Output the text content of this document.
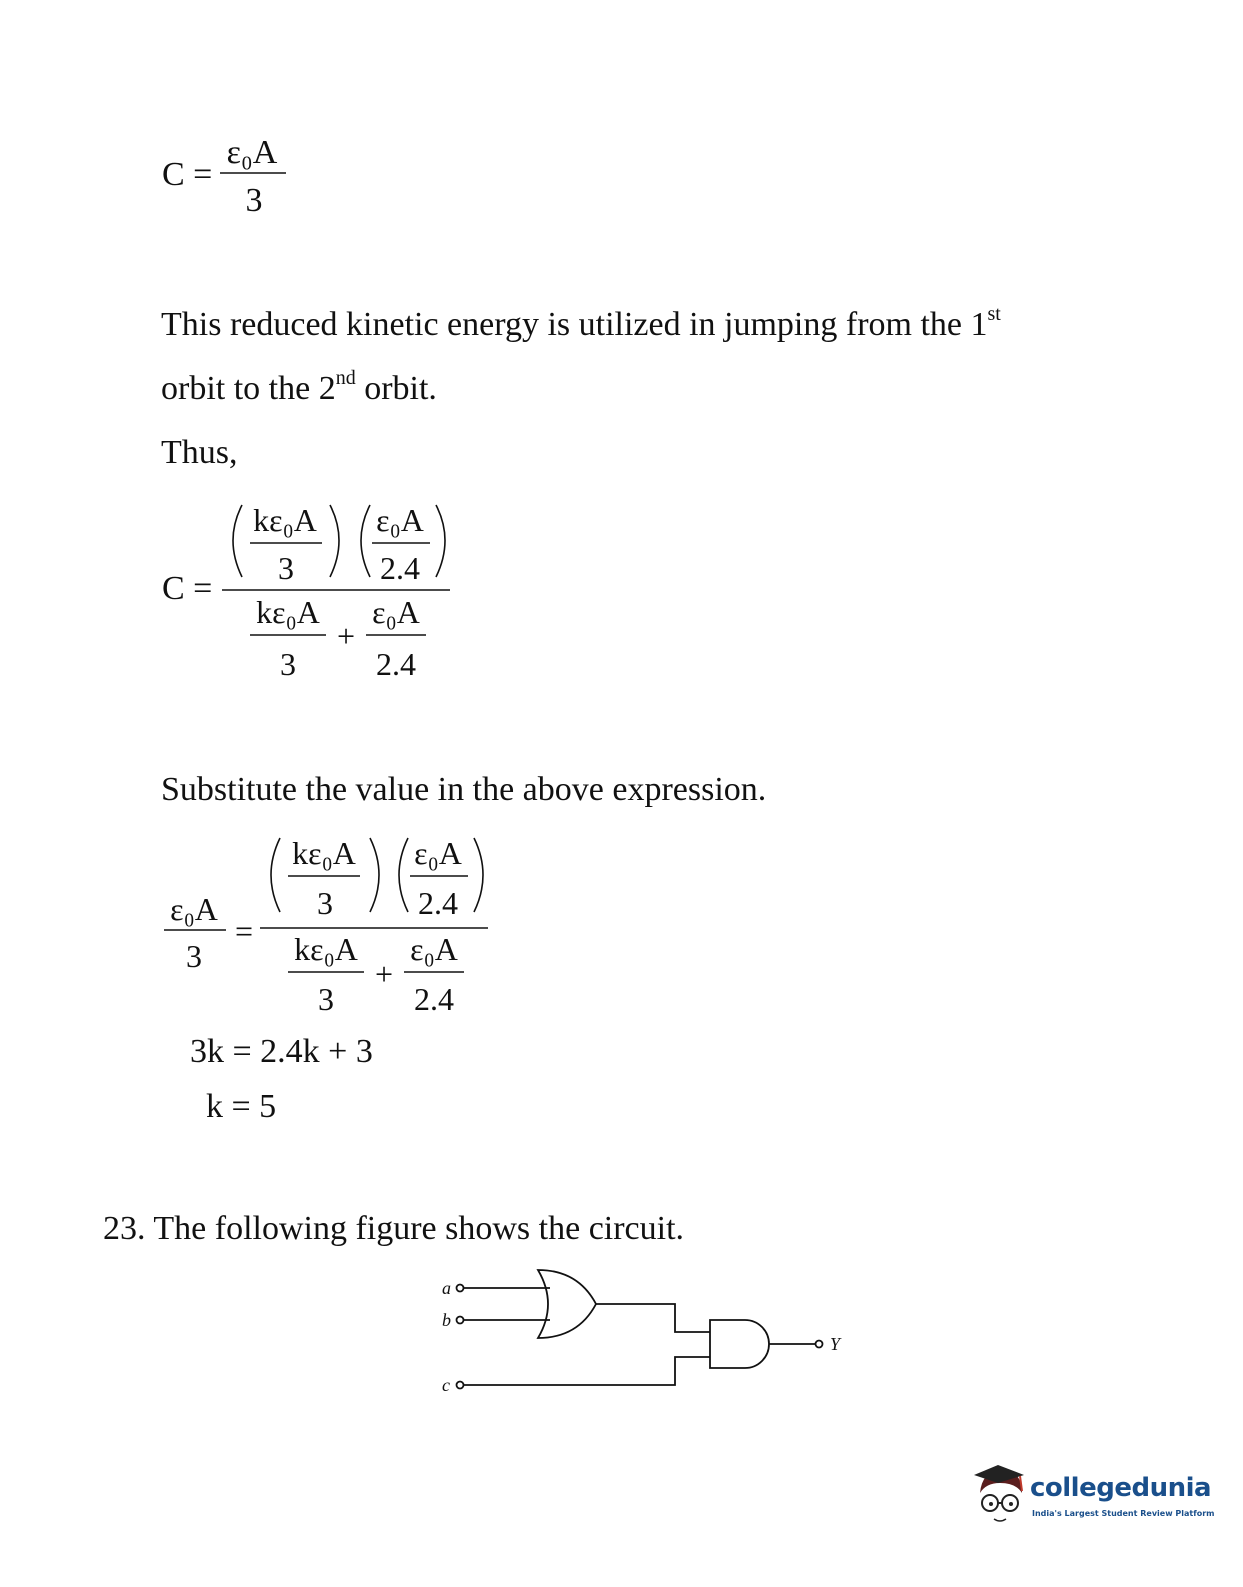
C =
ε₀A
3
This reduced kinetic energy is utilized in jumping from the 1st
orbit to the 2nd orbit.
Thus,
C =
kε₀A
3
ε₀A
2.4
kε₀A
3
+
ε₀A
2.4
Substitute the value in the above expression.
ε₀A
3
=
kε₀A
3
ε₀A
2.4
kε₀A
3
+
ε₀A
2.4
3k = 2.4k + 3
k = 5
23. The following figure shows the circuit.
a
b
c
Y
collegedunia
India's Largest Student Review Platform
